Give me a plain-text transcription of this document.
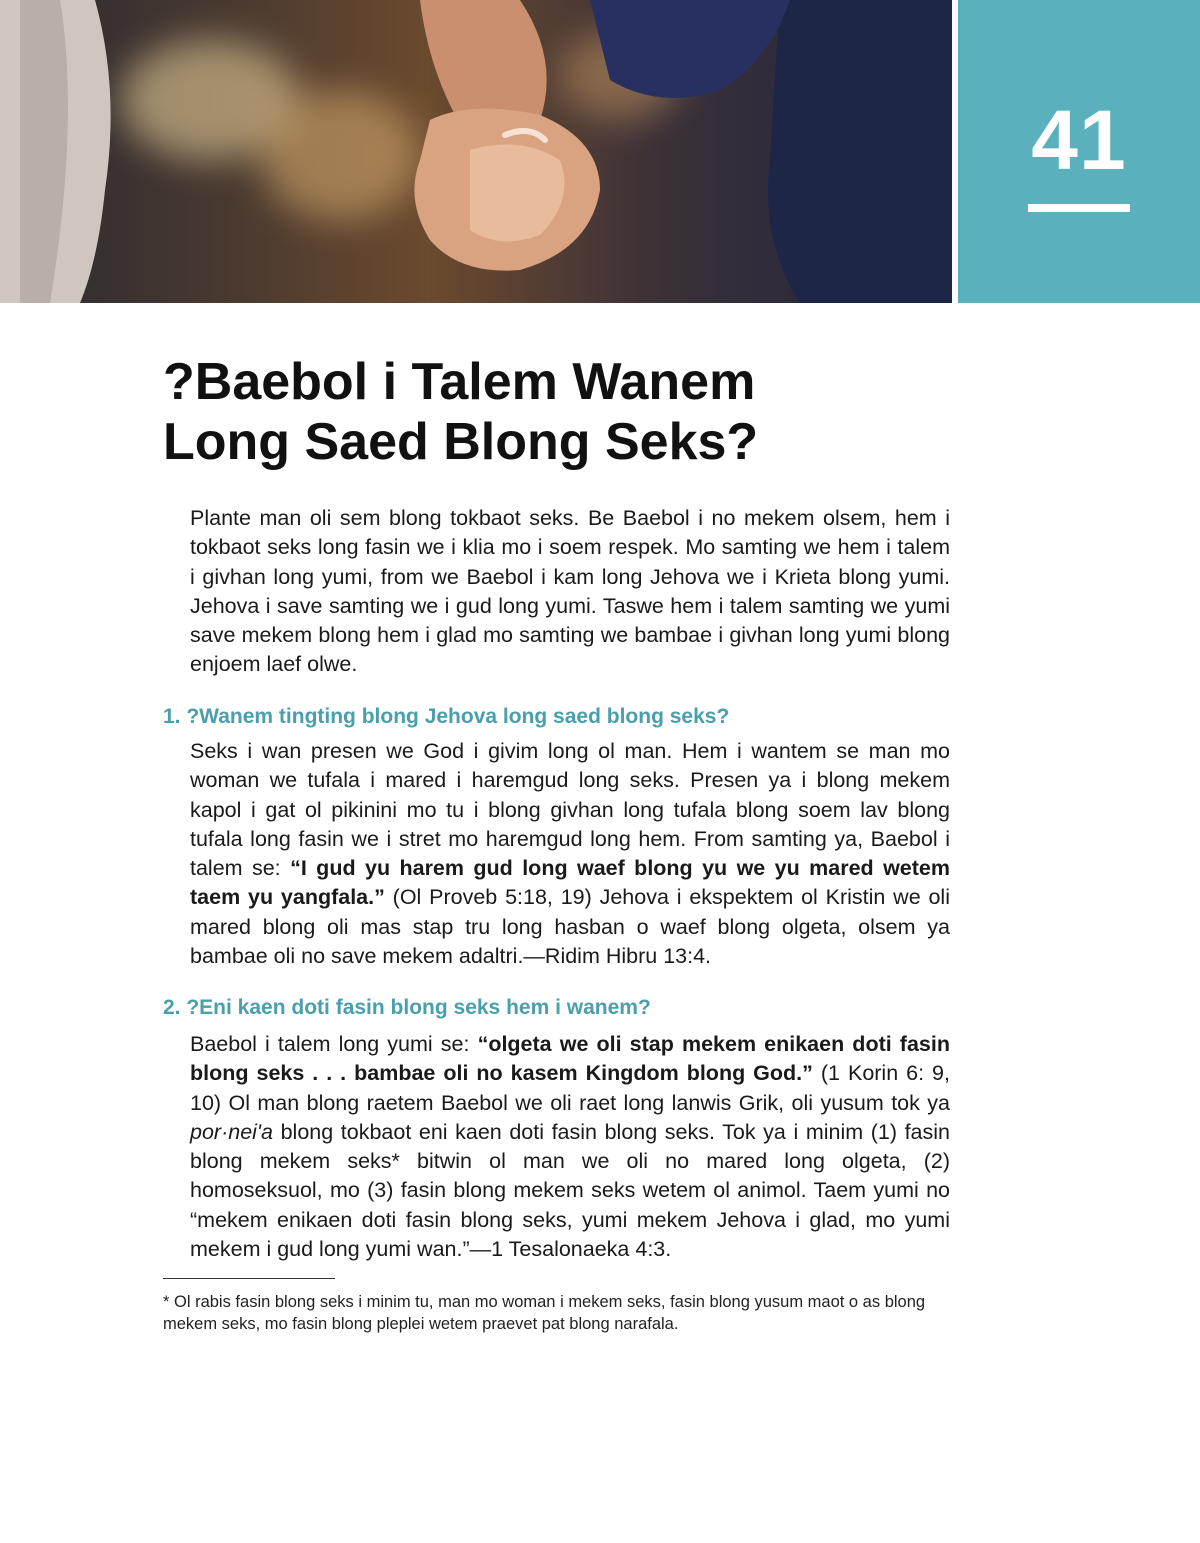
41
?Baebol i Talem Wanem
Long Saed Blong Seks?

Plante man oli sem blong tokbaot seks. Be Baebol i no mekem olsem, hem i tokbaot seks long fasin we i klia mo i soem respek. Mo samting we hem i talem i givhan long yumi, from we Baebol i kam long Jehova we i Krieta blong yumi. Jehova i save samting we i gud long yumi. Taswe hem i talem samting we yumi save mekem blong hem i glad mo samting we bambae i givhan long yumi blong enjoem laef olwe.

1. ?Wanem tingting blong Jehova long saed blong seks?

Seks i wan presen we God i givim long ol man. Hem i wantem se man mo woman we tufala i mared i haremgud long seks. Presen ya i blong mekem kapol i gat ol pikinini mo tu i blong givhan long tufala blong soem lav blong tufala long fasin we i stret mo haremgud long hem. From samting ya, Baebol i talem se: “I gud yu harem gud long waef blong yu we yu mared wetem taem yu yangfala.” (Ol Proveb 5:18, 19) Jehova i ekspektem ol Kristin we oli mared blong oli mas stap tru long hasban o waef blong olgeta, olsem ya bambae oli no save mekem adaltri.—Ridim Hibru 13:4.

2. ?Eni kaen doti fasin blong seks hem i wanem?

Baebol i talem long yumi se: “olgeta we oli stap mekem enikaen doti fasin blong seks . . . bambae oli no kasem Kingdom blong God.” (1 Korin 6: 9, 10) Ol man blong raetem Baebol we oli raet long lanwis Grik, oli yusum tok ya por·neiʹa blong tokbaot eni kaen doti fasin blong seks. Tok ya i minim (1) fasin blong mekem seks* bitwin ol man we oli no mared long olgeta, (2) homoseksuol, mo (3) fasin blong mekem seks wetem ol animol. Taem yumi no “mekem enikaen doti fasin blong seks, yumi mekem Jehova i glad, mo yumi mekem i gud long yumi wan.”—1 Tesalonaeka 4:3.

* Ol rabis fasin blong seks i minim tu, man mo woman i mekem seks, fasin blong yusum maot o as blong mekem seks, mo fasin blong pleplei wetem praevet pat blong narafala.
